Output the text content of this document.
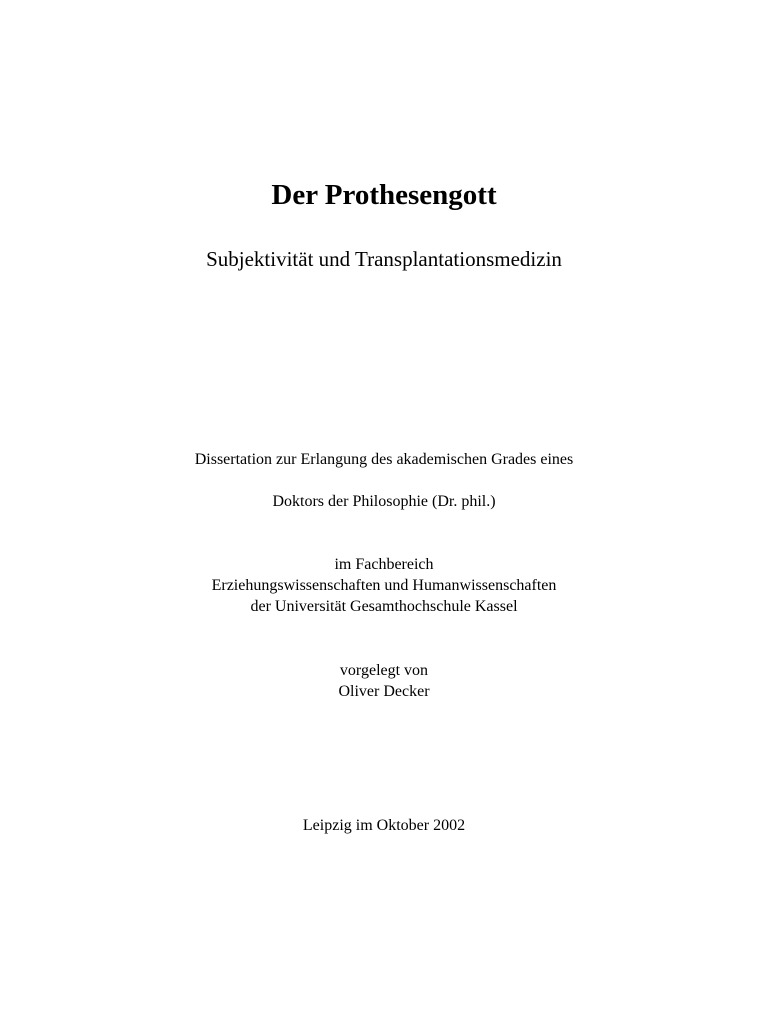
Der Prothesengott
Subjektivität und Transplantationsmedizin
Dissertation zur Erlangung des akademischen Grades eines
Doktors der Philosophie (Dr. phil.)
im Fachbereich
Erziehungswissenschaften und Humanwissenschaften
der Universität Gesamthochschule Kassel
vorgelegt von
Oliver Decker
Leipzig im Oktober 2002
